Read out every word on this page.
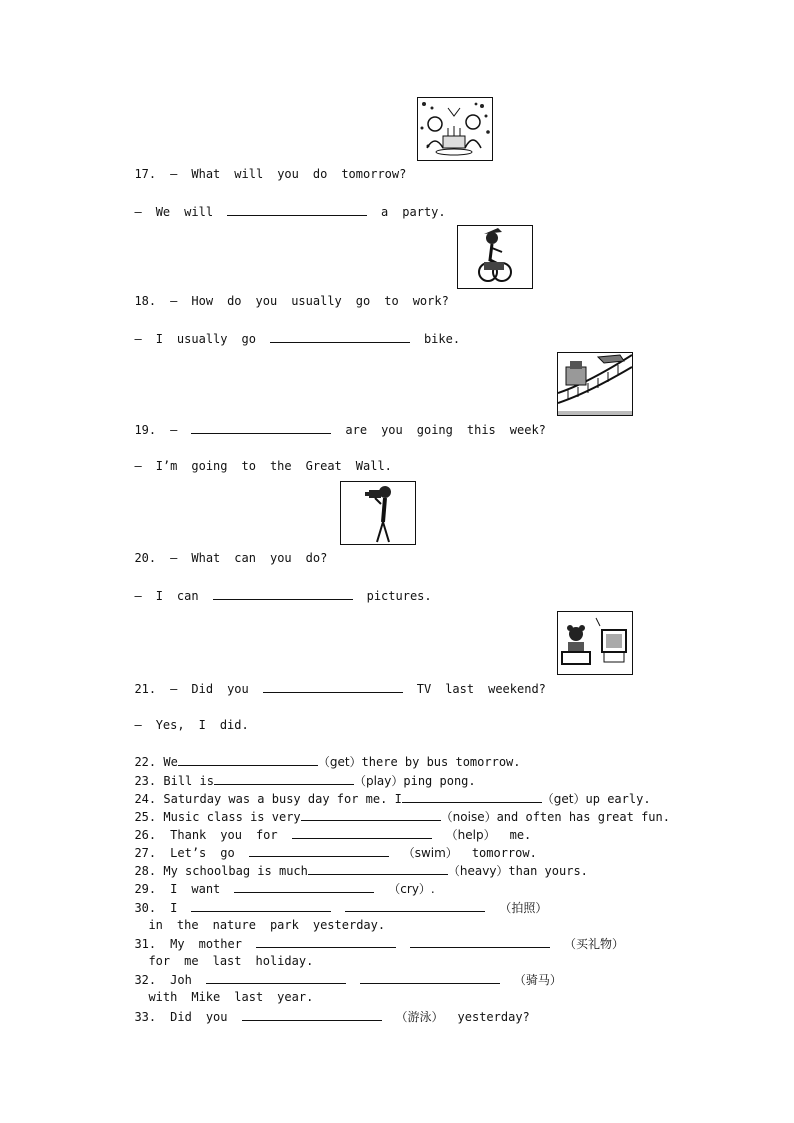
17. — What will you do tomorrow?

— We will	a party.

18. — How do you usually go to work?

— I usually go	bike.

19. —	are you going this week?

— I’m going to the Great Wall.

20. — What can you do?

— I can	pictures.

21. — Did you	TV last weekend?

— Yes, I did.

22. We	（get）there by bus tomorrow.

23. Bill is	（play）ping pong.

24. Saturday was a busy day for me. I	（get）up early.

25. Music class is very	（noise）and often has great fun.

26. Thank you for	（help） me.

27. Let’s go	（swim） tomorrow.

28. My schoolbag is much	（heavy）than yours.

29. I want	（cry）.

30. I	（拍照）

in the nature park yesterday.

31. My mother	（买礼物）

for me last holiday.

32. Joh	（骑马）

with Mike last year.

33. Did you	（游泳） yesterday?
